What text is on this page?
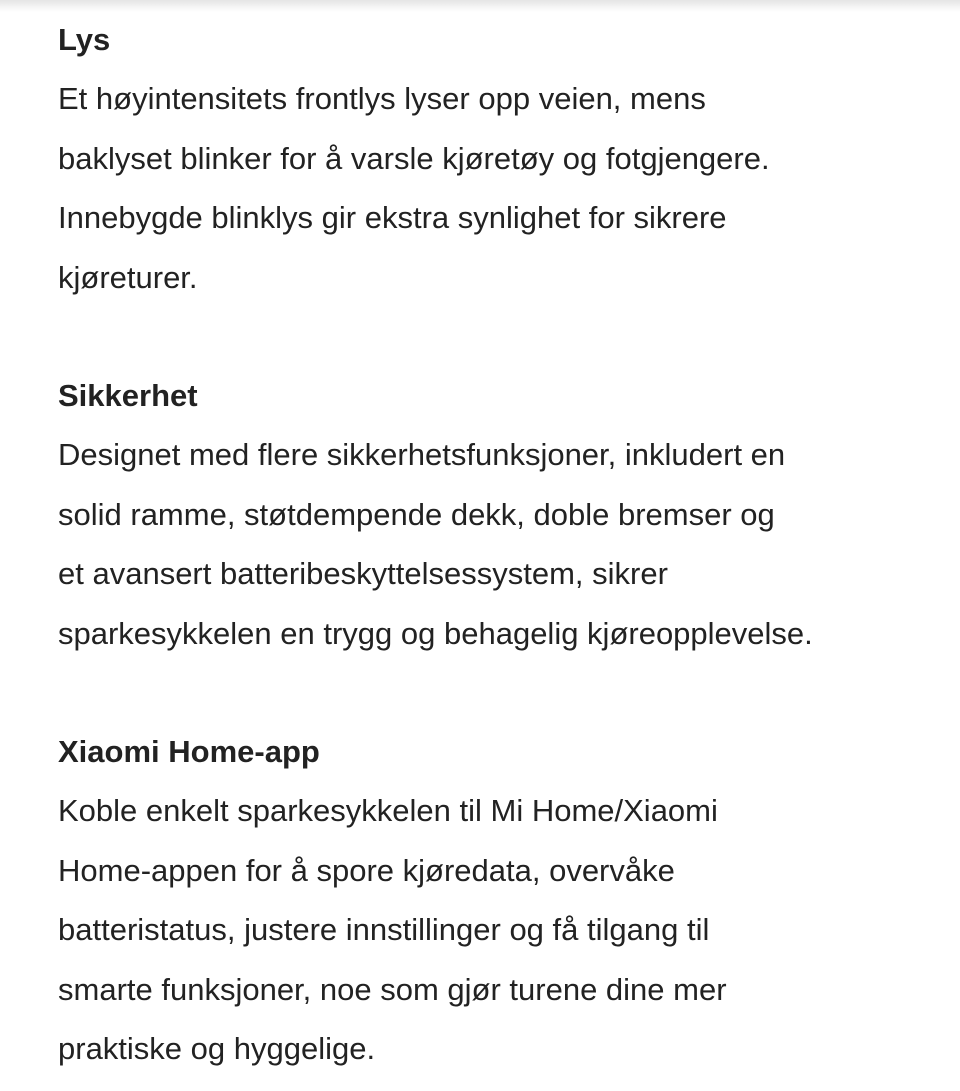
Lys

Et høyintensitets frontlys lyser opp veien, mens
baklyset blinker for å varsle kjøretøy og fotgjengere.
Innebygde blinklys gir ekstra synlighet for sikrere
kjøreturer.

Sikkerhet

Designet med flere sikkerhetsfunksjoner, inkludert en
solid ramme, støtdempende dekk, doble bremser og
et avansert batteribeskyttelsessystem, sikrer
sparkesykkelen en trygg og behagelig kjøreopplevelse.

Xiaomi Home-app

Koble enkelt sparkesykkelen til Mi Home/Xiaomi
Home-appen for å spore kjøredata, overvåke
batteristatus, justere innstillinger og få tilgang til
smarte funksjoner, noe som gjør turene dine mer
praktiske og hyggelige.
